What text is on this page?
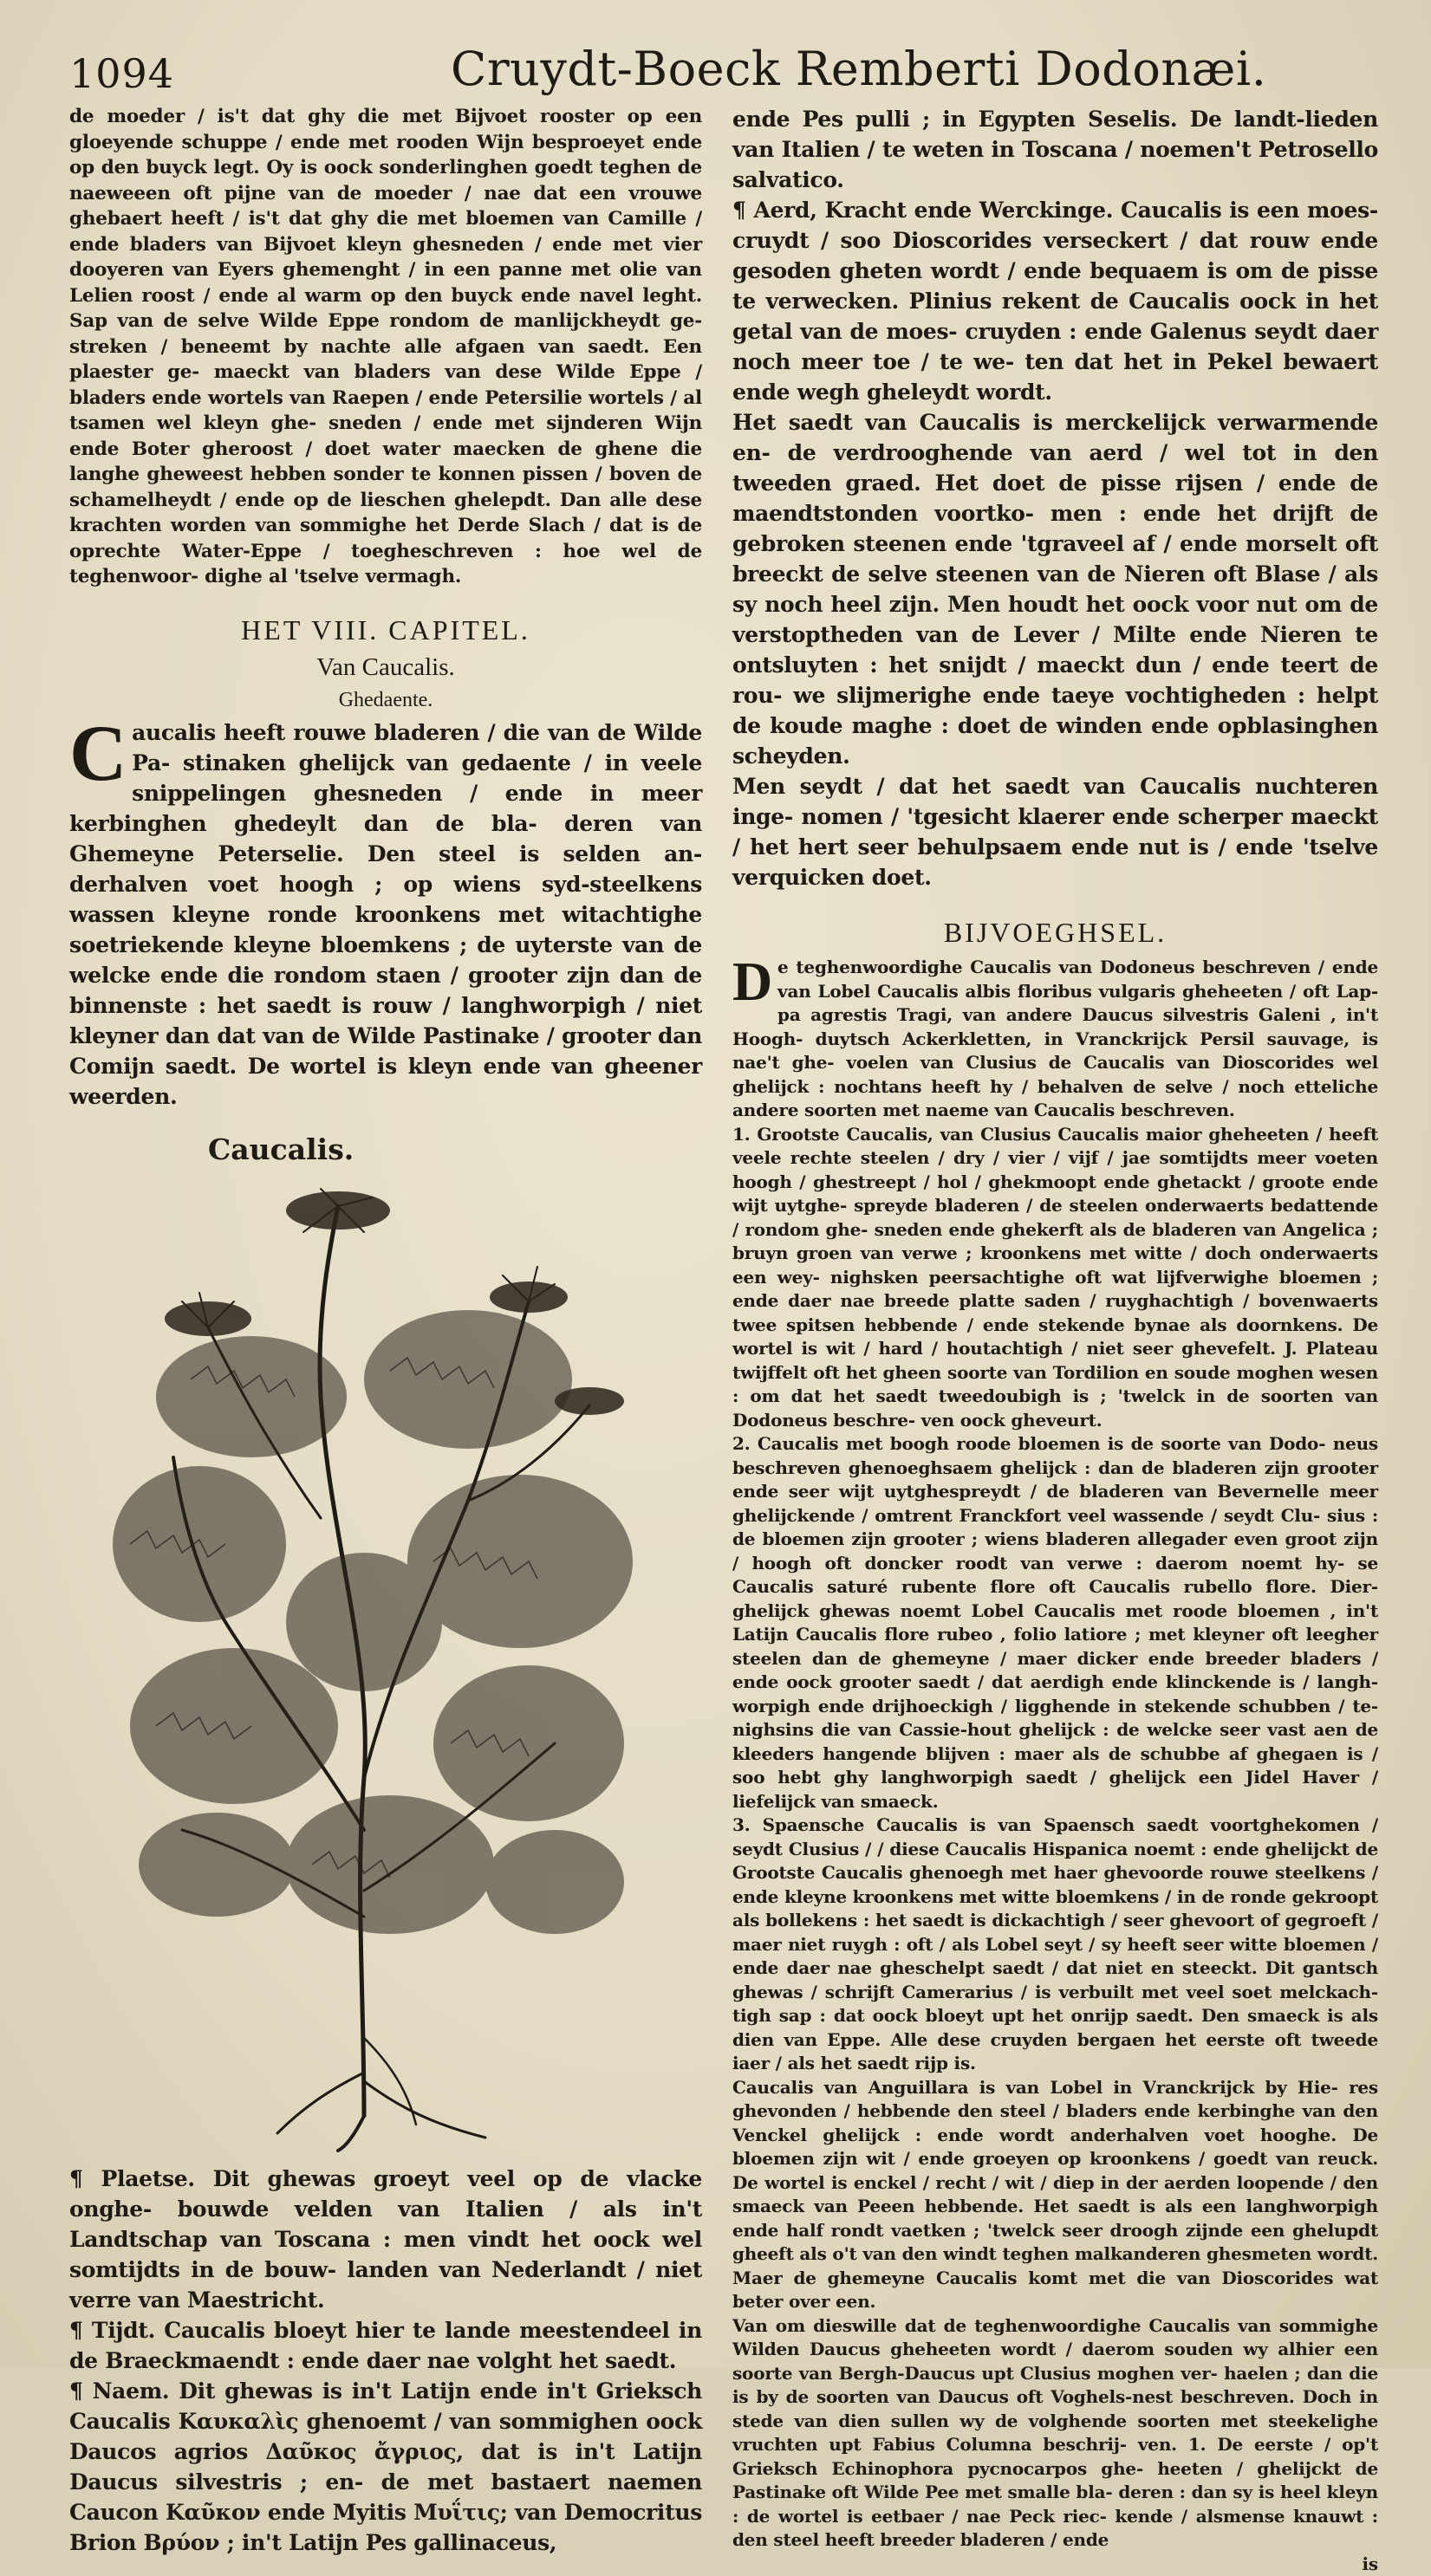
1094	Cruydt-Boeck Remberti Dodonæi.

de moeder / is't dat ghy die met Bijvoet rooster op een gloeyende schuppe / ende met rooden Wijn besproeyet ende op den buyck legt. Oy is oock sonderlinghen goedt teghen de naeweeen oft pijne van de moeder / nae dat een vrouwe ghebaert heeft / is't dat ghy die met bloemen van Camille / ende bladers van Bijvoet kleyn ghesneden / ende met vier dooyeren van Eyers ghemenght / in een panne met olie van Lelien roost / ende al warm op den buyck ende navel leght. Sap van de selve Wilde Eppe rondom de manlijckheydt ge- streken / beneemt by nachte alle afgaen van saedt. Een plaester ge- maeckt van bladers van dese Wilde Eppe / bladers ende wortels van Raepen / ende Petersilie wortels / al tsamen wel kleyn ghe- sneden / ende met sijnderen Wijn ende Boter gheroost / doet water maecken de ghene die langhe gheweest hebben sonder te konnen pissen / boven de schamelheydt / ende op de lieschen ghelepdt. Dan alle dese krachten worden van sommighe het Derde Slach / dat is de oprechte Water-Eppe / toegheschreven : hoe wel de teghenwoor- dighe al 'tselve vermagh.

HET VIII. CAPITEL.
Van Caucalis.
Ghedaente.

Caucalis heeft rouwe bladeren / die van de Wilde Pa- stinaken ghelijck van gedaente / in veele snippelingen ghesneden / ende in meer kerbinghen ghedeylt dan de bla- deren van Ghemeyne Peterselie. Den steel is selden an- derhalven voet hoogh ; op wiens syd-steelkens wassen kleyne ronde kroonkens met witachtighe soetriekende kleyne bloemkens ; de uyterste van de welcke ende die rondom staen / grooter zijn dan de binnenste : het saedt is rouw / langhworpigh / niet kleyner dan dat van de Wilde Pastinake / grooter dan Comijn saedt. De wortel is kleyn ende van gheener weerden.

Caucalis.

¶ Plaetse. Dit ghewas groeyt veel op de vlacke onghe- bouwde velden van Italien / als in't Landtschap van Toscana : men vindt het oock wel somtijdts in de bouw- landen van Nederlandt / niet verre van Maestricht.

¶ Tijdt. Caucalis bloeyt hier te lande meestendeel in de Braeckmaendt : ende daer nae volght het saedt.

¶ Naem. Dit ghewas is in't Latijn ende in't Grieksch Caucalis Καυκαλὶς ghenoemt / van sommighen oock Daucos agrios Δαῦκος ἄγριος, dat is in't Latijn Daucus silvestris ; en- de met bastaert naemen Caucon Καῦκον ende Myitis Μυΐτις; van Democritus Brion Βρύον ; in't Latijn Pes gallinaceus,

ende Pes pulli ; in Egypten Seselis. De landt-lieden van Italien / te weten in Toscana / noemen't Petrosello salvatico.

¶ Aerd, Kracht ende Werckinge. Caucalis is een moes- cruydt / soo Dioscorides verseckert / dat rouw ende gesoden gheten wordt / ende bequaem is om de pisse te verwecken. Plinius rekent de Caucalis oock in het getal van de moes- cruyden : ende Galenus seydt daer noch meer toe / te we- ten dat het in Pekel bewaert ende wegh gheleydt wordt.

Het saedt van Caucalis is merckelijck verwarmende en- de verdrooghende van aerd / wel tot in den tweeden graed. Het doet de pisse rijsen / ende de maendtstonden voortko- men : ende het drijft de gebroken steenen ende 'tgraveel af / ende morselt oft breeckt de selve steenen van de Nieren oft Blase / als sy noch heel zijn. Men houdt het oock voor nut om de verstoptheden van de Lever / Milte ende Nieren te ontsluyten : het snijdt / maeckt dun / ende teert de rou- we slijmerighe ende taeye vochtigheden : helpt de koude maghe : doet de winden ende opblasinghen scheyden.

Men seydt / dat het saedt van Caucalis nuchteren inge- nomen / 'tgesicht klaerer ende scherper maeckt / het hert seer behulpsaem ende nut is / ende 'tselve verquicken doet.

BIJVOEGHSEL.

De teghenwoordighe Caucalis van Dodoneus beschreven / ende van Lobel Caucalis albis floribus vulgaris gheheeten / oft Lap- pa agrestis Tragi, van andere Daucus silvestris Galeni , in't Hoogh- duytsch Ackerkletten, in Vranckrijck Persil sauvage, is nae't ghe- voelen van Clusius de Caucalis van Dioscorides wel ghelijck : nochtans heeft hy / behalven de selve / noch etteliche andere soorten met naeme van Caucalis beschreven.

1. Grootste Caucalis, van Clusius Caucalis maior gheheeten / heeft veele rechte steelen / dry / vier / vijf / jae somtijdts meer voeten hoogh / ghestreept / hol / ghekmoopt ende ghetackt / groote ende wijt uytghe- spreyde bladeren / de steelen onderwaerts bedattende / rondom ghe- sneden ende ghekerft als de bladeren van Angelica ; bruyn groen van verwe ; kroonkens met witte / doch onderwaerts een wey- nighsken peersachtighe oft wat lijfverwighe bloemen ; ende daer nae breede platte saden / ruyghachtigh / bovenwaerts twee spitsen hebbende / ende stekende bynae als doornkens. De wortel is wit / hard / houtachtigh / niet seer ghevefelt. J. Plateau twijffelt oft het gheen soorte van Tordilion en soude moghen wesen : om dat het saedt tweedoubigh is ; 'twelck in de soorten van Dodoneus beschre- ven oock gheveurt.

2. Caucalis met boogh roode bloemen is de soorte van Dodo- neus beschreven ghenoeghsaem ghelijck : dan de bladeren zijn grooter ende seer wijt uytghespreydt / de bladeren van Bevernelle meer ghelijckende / omtrent Franckfort veel wassende / seydt Clu- sius : de bloemen zijn grooter ; wiens bladeren allegader even groot zijn / hoogh oft doncker roodt van verwe : daerom noemt hy- se Caucalis saturé rubente flore oft Caucalis rubello flore. Dier- ghelijck ghewas noemt Lobel Caucalis met roode bloemen , in't Latijn Caucalis flore rubeo , folio latiore ; met kleyner oft leegher steelen dan de ghemeyne / maer dicker ende breeder bladers / ende oock grooter saedt / dat aerdigh ende klinckende is / langh- worpigh ende drijhoeckigh / ligghende in stekende schubben / te- nighsins die van Cassie-hout ghelijck : de welcke seer vast aen de kleeders hangende blijven : maer als de schubbe af ghegaen is / soo hebt ghy langhworpigh saedt / ghelijck een Jidel Haver / liefelijck van smaeck.

3. Spaensche Caucalis is van Spaensch saedt voortghekomen / seydt Clusius / / diese Caucalis Hispanica noemt : ende ghelijckt de Grootste Caucalis ghenoegh met haer ghevoorde rouwe steelkens / ende kleyne kroonkens met witte bloemkens / in de ronde gekroopt als bollekens : het saedt is dickachtigh / seer ghevoort of gegroeft / maer niet ruygh : oft / als Lobel seyt / sy heeft seer witte bloemen / ende daer nae gheschelpt saedt / dat niet en steeckt. Dit gantsch ghewas / schrijft Camerarius / is verbuilt met veel soet melckach- tigh sap : dat oock bloeyt upt het onrijp saedt. Den smaeck is als dien van Eppe. Alle dese cruyden bergaen het eerste oft tweede iaer / als het saedt rijp is.

Caucalis van Anguillara is van Lobel in Vranckrijck by Hie- res ghevonden / hebbende den steel / bladers ende kerbinghe van den Venckel ghelijck : ende wordt anderhalven voet hooghe. De bloemen zijn wit / ende groeyen op kroonkens / goedt van reuck. De wortel is enckel / recht / wit / diep in der aerden loopende / den smaeck van Peeen hebbende. Het saedt is als een langhworpigh ende half rondt vaetken ; 'twelck seer droogh zijnde een ghelupdt gheeft als o't van den windt teghen malkanderen ghesmeten wordt. Maer de ghemeyne Caucalis komt met die van Dioscorides wat beter over een.

Van om dieswille dat de teghenwoordighe Caucalis van sommighe Wilden Daucus gheheeten wordt / daerom souden wy alhier een soorte van Bergh-Daucus upt Clusius moghen ver- haelen ; dan die is by de soorten van Daucus oft Voghels-nest beschreven. Doch in stede van dien sullen wy de volghende soorten met steekelighe vruchten upt Fabius Columna beschrij- ven. 1. De eerste / op't Grieksch Echinophora pycnocarpos ghe- heeten / ghelijckt de Pastinake oft Wilde Pee met smalle bla- deren : dan sy is heel kleyn : de wortel is eetbaer / nae Peck riec- kende / alsmense knauwt : den steel heeft breeder bladeren / ende

is
